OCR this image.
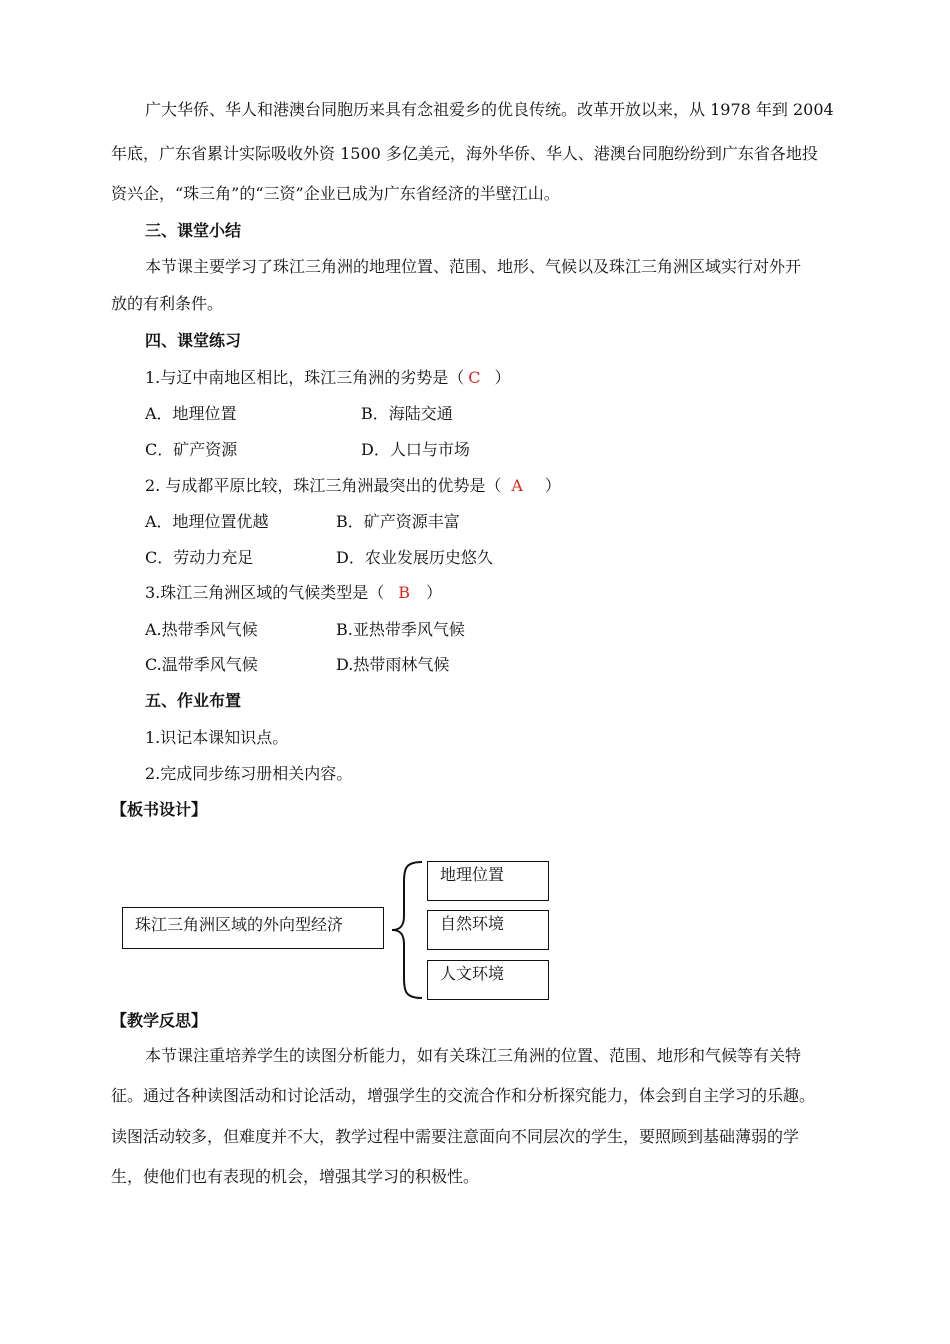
广大华侨、华人和港澳台同胞历来具有念祖爱乡的优良传统。改革开放以来，从 1978 年到 2004
年底，广东省累计实际吸收外资 1500 多亿美元，海外华侨、华人、港澳台同胞纷纷到广东省各地投
资兴企，“珠三角”的“三资”企业已成为广东省经济的半壁江山。
三、课堂小结
本节课主要学习了珠江三角洲的地理位置、范围、地形、气候以及珠江三角洲区域实行对外开
放的有利条件。
四、课堂练习
1.与辽中南地区相比，珠江三角洲的劣势是（ C ）
A．地理位置	B．海陆交通
C．矿产资源	D．人口与市场
2. 与成都平原比较，珠江三角洲最突出的优势是（ A ）
A．地理位置优越	B．矿产资源丰富
C．劳动力充足	D．农业发展历史悠久
3.珠江三角洲区域的气候类型是（ B ）
A.热带季风气候	B.亚热带季风气候
C.温带季风气候	D.热带雨林气候
五、作业布置
1.识记本课知识点。
2.完成同步练习册相关内容。
【板书设计】
珠江三角洲区域的外向型经济
地理位置
自然环境
人文环境
【教学反思】
本节课注重培养学生的读图分析能力，如有关珠江三角洲的位置、范围、地形和气候等有关特
征。通过各种读图活动和讨论活动，增强学生的交流合作和分析探究能力，体会到自主学习的乐趣。
读图活动较多，但难度并不大，教学过程中需要注意面向不同层次的学生，要照顾到基础薄弱的学
生，使他们也有表现的机会，增强其学习的积极性。
